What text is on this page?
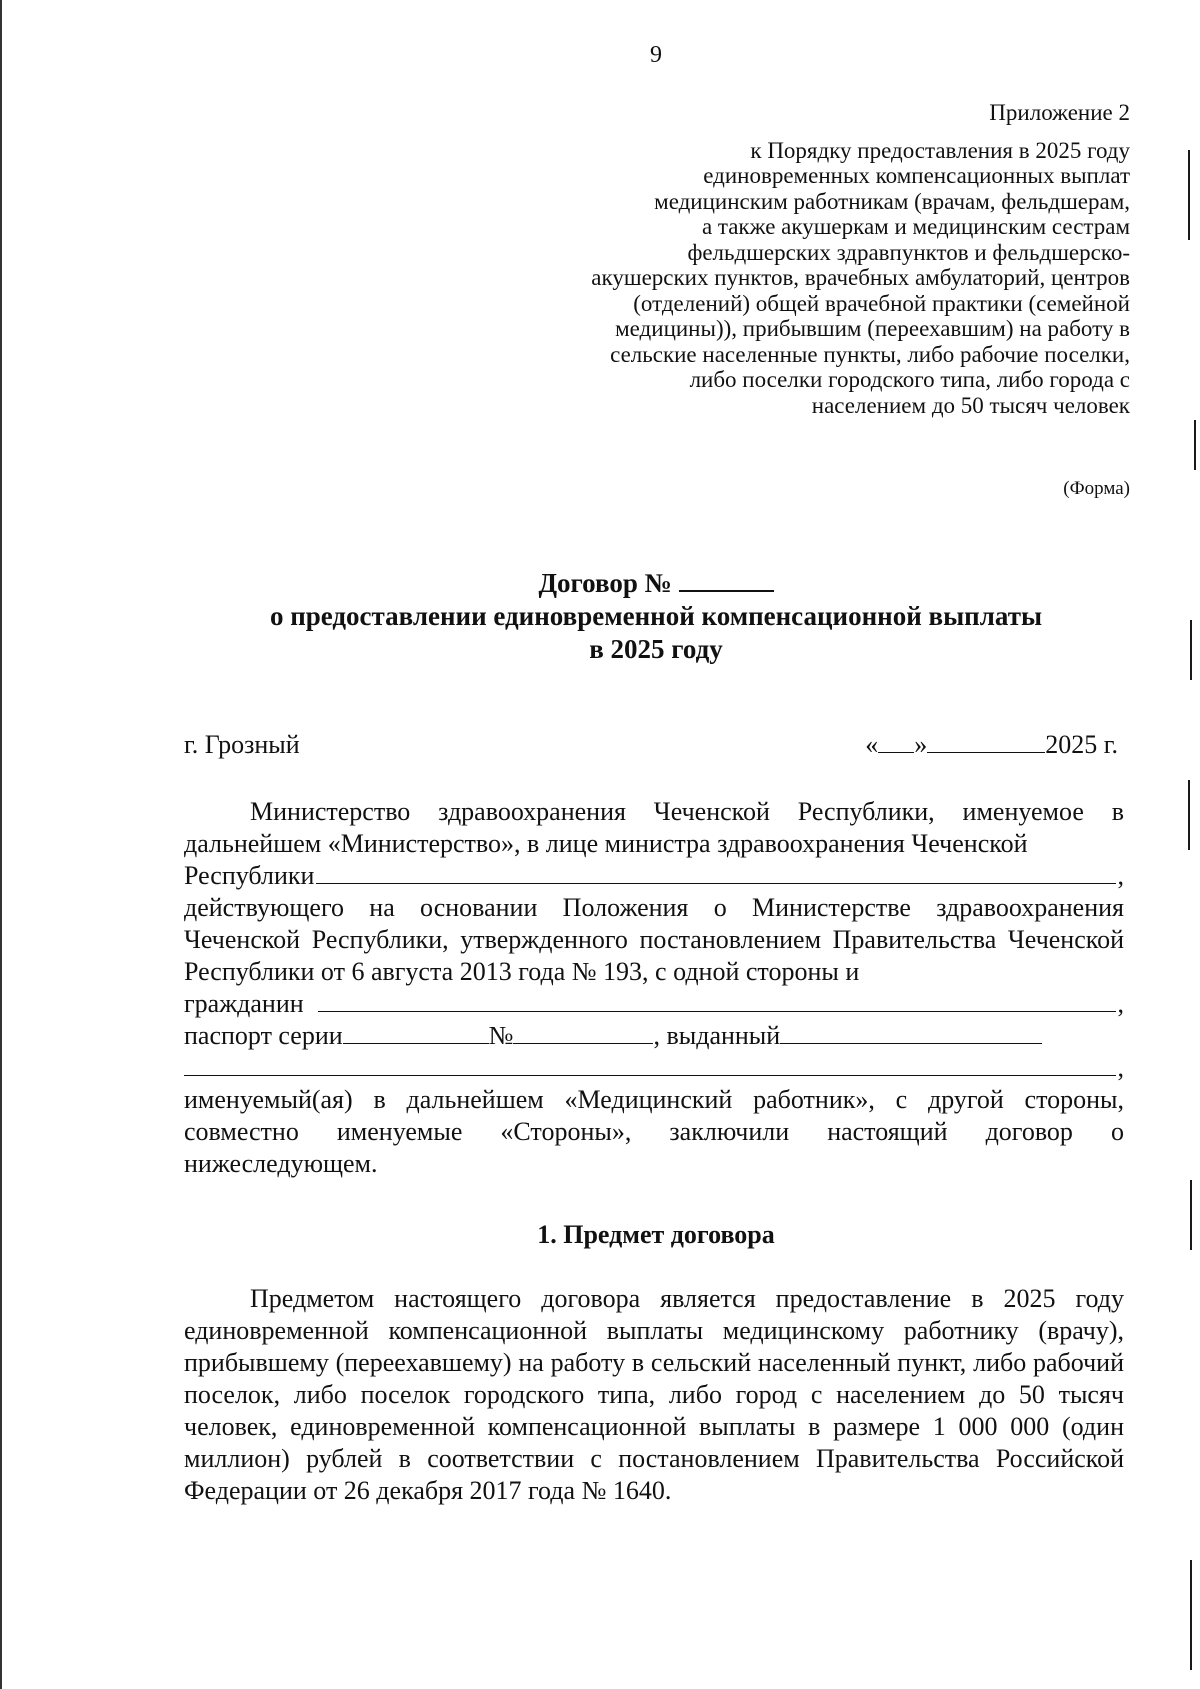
9
Приложение 2
к Порядку предоставления в 2025 году
единовременных компенсационных выплат
медицинским работникам (врачам, фельдшерам,
а также акушеркам и медицинским сестрам
фельдшерских здравпунктов и фельдшерско-
акушерских пунктов, врачебных амбулаторий, центров
(отделений) общей врачебной практики (семейной
медицины)), прибывшим (переехавшим) на работу в
сельские населенные пункты, либо рабочие поселки,
либо поселки городского типа, либо города с
населением до 50 тысяч человек
(Форма)
Договор №
о предоставлении единовременной компенсационной выплаты
в 2025 году
г. Грозный	« »	2025 г.
Министерство здравоохранения Чеченской Республики, именуемое в дальнейшем «Министерство», в лице министра здравоохранения Чеченской
Республики	,
действующего на основании Положения о Министерстве здравоохранения Чеченской Республики, утвержденного постановлением Правительства Чеченской Республики от 6 августа 2013 года № 193, с одной стороны и
гражданин	,
паспорт серии	№	, выданный
,
именуемый(ая) в дальнейшем «Медицинский работник», с другой стороны, совместно именуемые «Стороны», заключили настоящий договор о нижеследующем.
1. Предмет договора
Предметом настоящего договора является предоставление в 2025 году единовременной компенсационной выплаты медицинскому работнику (врачу), прибывшему (переехавшему) на работу в сельский населенный пункт, либо рабочий поселок, либо поселок городского типа, либо город с населением до 50 тысяч человек, единовременной компенсационной выплаты в размере 1 000 000 (один миллион) рублей в соответствии с постановлением Правительства Российской Федерации от 26 декабря 2017 года № 1640.
